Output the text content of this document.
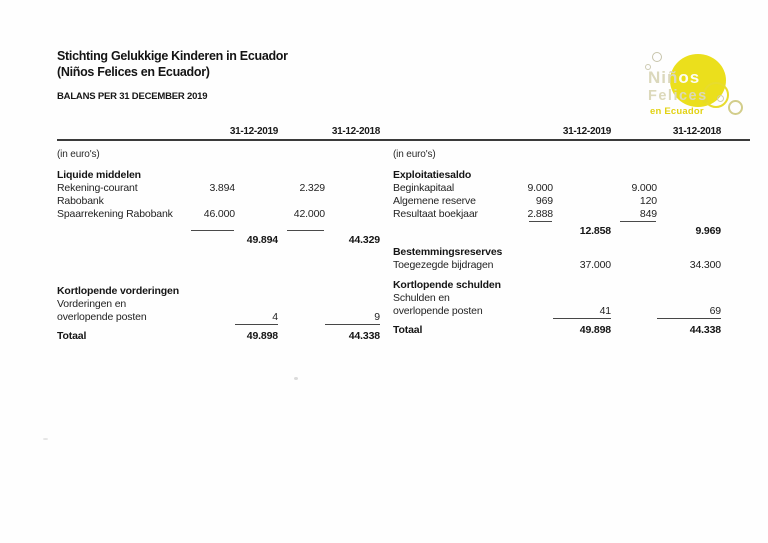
Stichting Gelukkige Kinderen in Ecuador
(Niños Felices en Ecuador)
BALANS PER 31 DECEMBER 2019
Niños
Felices
en Ecuador
31-12-2019	31-12-2018	31-12-2019	31-12-2018
(in euro's)
Liquide middelen
Rekening-courant Rabobank
3.894	2.329
Spaarrekening Rabobank	46.000	42.000
49.894	44.329
Kortlopende vorderingen
Vorderingen en
overlopende posten	4	9
Totaal	49.898	44.338
(in euro's)
Exploitatiesaldo
Beginkapitaal	9.000	9.000
Algemene reserve	969	120
Resultaat boekjaar	2.888	849
12.858	9.969
Bestemmingsreserves
Toegezegde bijdragen	37.000	34.300
Kortlopende schulden
Schulden en
overlopende posten	41	69
Totaal	49.898	44.338
